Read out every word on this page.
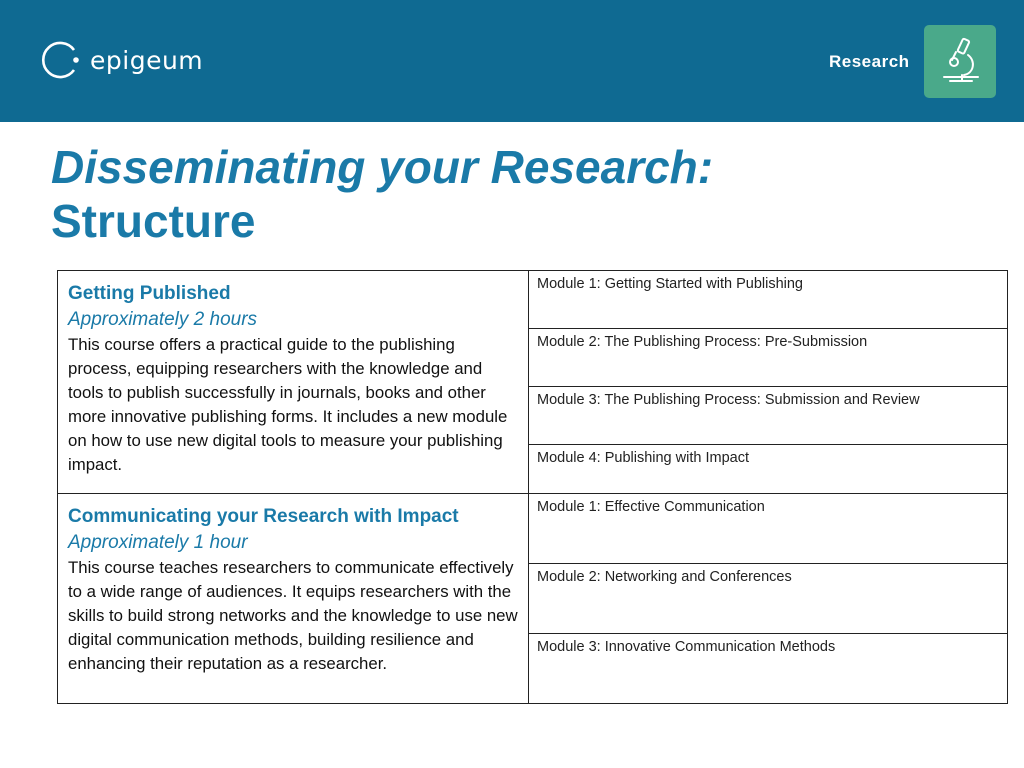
epigeum	Research
Disseminating your Research:
Structure
Getting Published
Approximately 2 hours
This course offers a practical guide to the publishing process, equipping researchers with the knowledge and tools to publish successfully in journals, books and other more innovative publishing forms. It includes a new module on how to use new digital tools to measure your publishing impact.	Module 1: Getting Started with Publishing
	Module 2: The Publishing Process: Pre-Submission
	Module 3: The Publishing Process: Submission and Review
	Module 4: Publishing with Impact

Communicating your Research with Impact
Approximately 1 hour
This course teaches researchers to communicate effectively to a wide range of audiences. It equips researchers with the skills to build strong networks and the knowledge to use new digital communication methods, building resilience and enhancing their reputation as a researcher.	Module 1: Effective Communication
	Module 2: Networking and Conferences
	Module 3: Innovative Communication Methods
